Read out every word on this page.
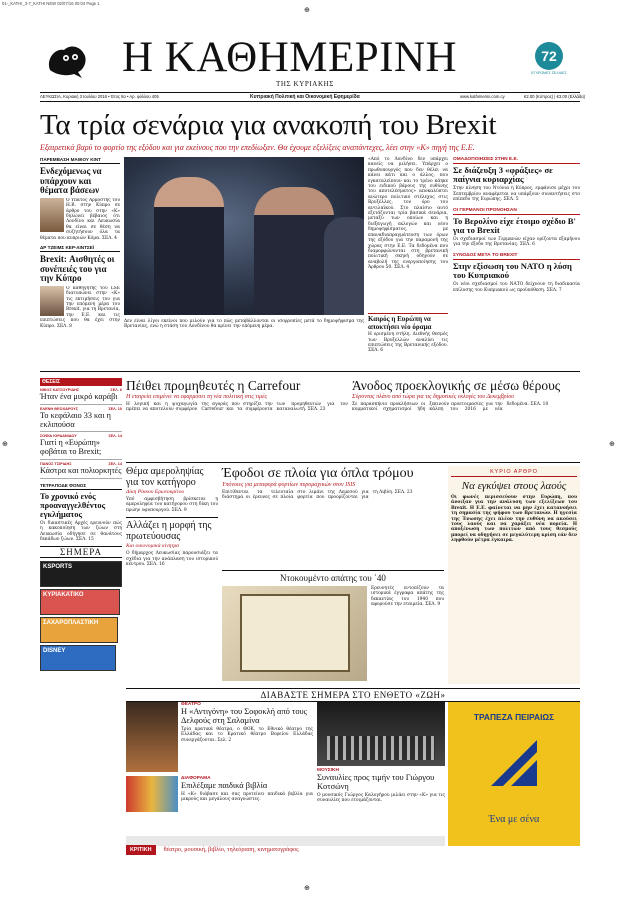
01-_KATHI_3-7_KATHI NEW 02/07/16 00:04 Page 1
⊕
⊕
⊕	⊕
Η ΚΑΘΗΜΕΡΙΝΗ
ΤΗΣ ΚΥΡΙΑΚΗΣ
72
ΕΓΧΡΩΜΕΣ ΣΕΛΙΔΕΣ
ΛΕΥΚΩΣΙΑ, Κυριακή 3 Ιουλίου 2016 • Έτος 8ο • Αρ. φύλλου 405	Κυπριακή Πολιτική και Οικονομική Εφημερίδα	www.kathimerini.com.cy	€2.00 (Κύπρος) | €3.00 (Ελλάδα)
Τα τρία σενάρια για ανακοπή του Brexit
Εξαιρετικά βαρύ το φορτίο της εξόδου και για εκείνους που την επεδίωξαν. Θα έχουμε εξελίξεις αναπάντεχες, λέει στην «Κ» πηγή της Ε.Ε.
ΠΑΡΕΜΒΑΣΗ ΜΑΘΙΟΥ ΚΙΝΤ
Ενδεχόμενως να υπάρχουν και θέματα βάσεων
Ο Υπατος Αρμοστής του Η.Β. στην Κύπρο σε άρθρο του στην «Κ» δηλώνει βέβαιος ότι Λονδίνο και Λευκωσία θα είναι σε θέση να συζητήσουν όλα τα θέματα που κυπριών Κόμα. ΣΕΛ. 4
ΔΡ ΤΖΕΙΜΣ ΚΕΡ-ΛΙΝΤΣΕΪ
Brexit: Αισθητές οι συνέπειές του για την Κύπρο
Ο καθηγητής του LSE διατυπώνει στην «Κ» τις εκτιμήσεις του για την επόμενη μέρα του Brexit, για τη Βρετανία, την Ε.Ε. και τις επιπτώσεις που θα έχει στην Κύπρο. ΣΕΛ. 8
Δεν είναι λίγοι εκείνοι που μιλούν για το πώς μεταβάλλονται οι ισορροπίες μετά το δημοψήφισμα της Βρετανίας, ενώ η στάση του Λονδίνου θα κρίνει την επόμενη μέρα.
«Από το Λονδίνο δεν υπάρχει κανείς να μιλήσει. Υπάρχει ο πρωθυπουργός που δεν θέλει να κάνει κάτι και ο άλλος, που εγκαταλείπουν και το τρένο κάηκε του ειδικού βάρους της ευθύνης του αποτελέσματος» αποκαλύπτει ανώτερο πολιτικό στέλεχος στις Βρυξέλλες, τον όρο του αντιλαϊκού. Στο πλαίσιο αυτό εξετάζονται τρία βασικά σενάρια, μεταξύ των οποίων και η διεξαγωγή εκλογών και νέου δημοψηφίσματος, με επαναδιαπραγμάτευση των όρων της εξόδου για την παραμονή της χώρας στην Ε.Ε. Τα δεδομένα που διαμορφώνονται στη βρετανική πολιτική σκηνή οδηγούν σε αναβολή της ενεργοποίησης του Άρθρου 50. ΣΕΛ. 4
Καιρός η Ευρώπη να αποκτήσει νέο όραμα
Η ορισμένη στήλη. Διεθνής θεσμός των Βρυξελλών αναλύει τις επιπτώσεις της Βρετανικής εξόδου. ΣΕΛ. 6
ΟΜΑΔΟΠΟΙΗΣΕΙΣ ΣΤΗΝ Ε.Ε.
Σε διάζευξη 3 «φράξιες» σε παίγνια κυριαρχίας
Στην κίνηση του Ντόνια η Κύπρος, εμφάνισε μέχρι του Σεπτεμβρίου αναφέρεται να υπάρξουν συναντήσεις στο επίπεδο της Ευρώπης. ΣΕΛ. 5
ΟΙ ΓΕΡΜΑΝΟΙ ΠΡΟΝΟΗΣΑΝ
Το Βερολίνο είχε έτοιμο σχέδιο Β' για το Brexit
Οι σχεδιασμοί των Γερμανών είχαν ορίζοντα εξαμήνου για την έξοδο της Βρετανίας. ΣΕΛ. 6
ΣΥΝΟΔΟΣ ΜΕΤΑ ΤΟ BREXIT
Στην εξίσωση του ΝΑΤΟ η λύση του Κυπριακού
Οι νέοι σχεδιασμοί του ΝΑΤΟ δείχνουν τη διαδικασία επίλυσης του Κυπριακού ως προϋπόθεση. ΣΕΛ. 7
ΘΕΣΕΙΣ
ΝΙΚΟΣ ΚΑΤΣΟΥΡΙΔΗΣ	ΣΕΛ. 6
Ήταν ένα μικρό καράβι
ΕΛΕΝΗ ΘΕΟΧΑΡΟΥΣ	ΣΕΛ. 10
Το κεφάλαιο 33 και η εκλιπούσα
ΣΟΦΙΑ ΙΟΡΔΑΝΙΔΟΥ	ΣΕΛ. 14
Γιατί η «Ευρώπη» φοβάται το Brexit;
ΠΑΝΟΣ ΤΣΙΡΙΔΗΣ	ΣΕΛ. 14
Κάστρα και πολιορκητές
ΤΕΤΡΑΠΟΔΕ ΦΟΝΟΣ
Το χρονικό ενός προαναγγελθέντος εγκλήματος
Οι δικαστικές Αρχές ερευνούν πώς η κακοποίηση των ζώων στη Λευκωσία οδήγησε σε θανάτους δεκάδων ζώων. ΣΕΛ. 15
ΣΗΜΕΡΑ
KSPORTS
ΚΥΡΙΑΚΑΤΙΚΟ
ΣΑΧΑΡΟΠΛΑΣΤΙΚΗ
DISNEY
Πέιθει προμηθευτές η Carrefour
Η εταιρεία επιμένει να εφαρμόσει τη νέα πολιτική στις τιμές
Η λογική και η ψυχαγωγία πρέπει να αποτελούν συμφέρον της αγοράς που στηρίζει την Carrefour και τα συμφέροντα των προμηθευτών για τον καταναλωτή. ΣΕΛ. 23
Άνοδος προεκλογικής σε μέσω θέρους
Σύροντας πλάνο από τώρα για τις δημοτικές εκλογές του Δεκεμβρίου
Σε παρασκήνιο προκλήσεων οι κομματικοί σχηματισμοί ήδη ξεκινούν προετοιμασίες για την κάλπη του 2016 με νέα δεδομένα. ΣΕΛ. 10
Θέμα αμεροληψίας για τον κατήγορο
Δίκη Ρίκκου Ερωτοκρίτου
Υπό αμφισβήτηση βρίσκεται η αμεροληψία του κατήγορου στη δίκη του πρώην υφυπουργού. ΣΕΛ. 9
Αλλάζει η μορφή της πρωτεύουσας
Και οικονομικά κίνητρα
Ο δήμαρχος Λευκωσίας παρουσιάζει τα σχέδια για την ανάπλαση του ιστορικού κέντρου. ΣΕΛ. 16
Έφοδοι σε πλοία για όπλα τρόμου
Υπόνοιες για μεταφορά φορτίων πυρομαχικών στον ISIS
Επιτίθενται τα τελευταία διάστημα οι έρευνες σε πλοία στο λιμάνι της Λεμεσού για φορτία που προορίζονται για τη Λιβύη. ΣΕΛ. 23
Ντοκουμέντο απάτης του ΄40
Ερευνητές εντοπίζουν τα ιστορικά έγγραφα απάτης της δεκαετίας του 1940 που αφορούσε την εταιρεία. ΣΕΛ. 9
ΚΥΡΙΟ ΑΡΘΡΟ
Να εγκύψει στους λαούς
Οι φωνές περισσεύουν στην Ευρώπη, που άνοιξαν για την ανάλυση των εξελίξεων του Brexit. Η Ε.Ε. φαίνεται να μην έχει κατανοήσει τη σημασία της ψήφου των Βρετανών. Η ηγεσία της Ένωσης έχει πλέον την ευθύνη να ακούσει τους λαούς και να χαράξει νέα πορεία. Η αποξένωση των πολιτών από τους θεσμούς μπορεί να οδηγήσει σε μεγαλύτερη κρίση εάν δεν ληφθούν μέτρα έγκαιρα.
ΔΙΑΒΑΣΤΕ ΣΗΜΕΡΑ ΣΤΟ ΕΝΘΕΤΟ «ΖΩΗ»
ΘΕΑΤΡΟ
Η «Αντιγόνη» του Σοφοκλή από τους Δελφούς στη Σαλαμίνα
Τρία κρατικά θέατρα, ο ΘΟΚ, το Εθνικό θέατρο της Ελλάδας και το Κρατικό θέατρο Βορείου Ελλάδας συνεργάζονται. Σελ. 2
ΔΙΑΦΟΡΑΜΑ
Επιλέξαμε παιδικά βιβλία
Η «Κ» διάβασε και σας προτείνει παιδικά βιβλία για μικρούς και μεγάλους αναγνώστες.
ΜΟΥΣΙΚΗ
Συναυλίες προς τιμήν του Γιώργου Κοτσώνη
Ο μουσικός Γιώργος Καλογήρου μιλάει στην «Κ» για τις συναυλίες που ετοιμάζονται.
ΚΡΙΤΙΚΗ θέατρο, μουσική, βιβλίο, τηλεόραση, κινηματογράφος
ΤΡΑΠΕΖΑ ΠΕΙΡΑΙΩΣ
Ένα με σένα
